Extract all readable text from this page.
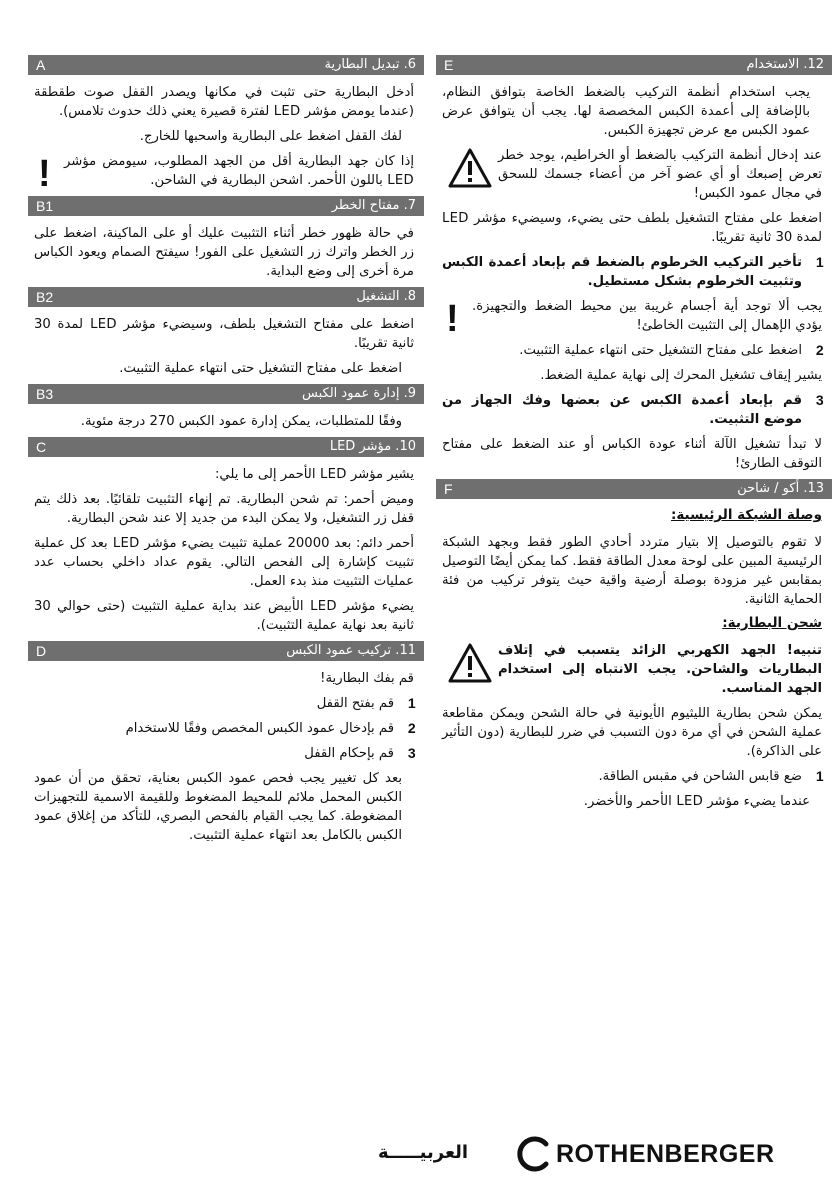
6. تبديل البطارية
A
أدخل البطارية حتى تثبت في مكانها ويصدر القفل صوت طقطقة (عندما يومض مؤشر LED لفترة قصيرة يعني ذلك حدوث تلامس).
لفك القفل اضغط على البطارية واسحبها للخارج.
! إذا كان جهد البطارية أقل من الجهد المطلوب، سيومض مؤشر LED باللون الأحمر. اشحن البطارية في الشاحن.
7. مفتاح الخطر
B1
في حالة ظهور خطر أثناء التثبيت عليك أو على الماكينة، اضغط على زر الخطر واترك زر التشغيل على الفور! سيفتح الصمام ويعود الكباس مرة أخرى إلى وضع البداية.
8. التشغيل
B2
اضغط على مفتاح التشغيل بلطف، وسيضيء مؤشر LED لمدة 30 ثانية تقريبًا.
اضغط على مفتاح التشغيل حتى انتهاء عملية التثبيت.
9. إدارة عمود الكبس
B3
وفقًا للمتطلبات، يمكن إدارة عمود الكبس 270 درجة مئوية.
10. مؤشر LED
C
يشير مؤشر LED الأحمر إلى ما يلي:
وميض أحمر: تم شحن البطارية. تم إنهاء التثبيت تلقائيًا. بعد ذلك يتم قفل زر التشغيل، ولا يمكن البدء من جديد إلا عند شحن البطارية.
أحمر دائم: بعد 20000 عملية تثبيت يضيء مؤشر LED بعد كل عملية تثبيت كإشارة إلى الفحص التالي. يقوم عداد داخلي بحساب عدد عمليات التثبيت منذ بدء العمل.
يضيء مؤشر LED الأبيض عند بداية عملية التثبيت (حتى حوالي 30 ثانية بعد نهاية عملية التثبيت).
11. تركيب عمود الكبس
D
قم بفك البطارية!
1
قم بفتح القفل
2
قم بإدخال عمود الكبس المخصص وفقًا للاستخدام
3
قم بإحكام القفل
بعد كل تغيير يجب فحص عمود الكبس بعناية، تحقق من أن عمود الكبس المحمل ملائم للمحيط المضغوط وللقيمة الاسمية للتجهيزات المضغوطة. كما يجب القيام بالفحص البصري، للتأكد من إغلاق عمود الكبس بالكامل بعد انتهاء عملية التثبيت.
12. الاستخدام
E
يجب استخدام أنظمة التركيب بالضغط الخاصة بتوافق النظام، بالإضافة إلى أعمدة الكبس المخصصة لها. يجب أن يتوافق عرض عمود الكبس مع عرض تجهيزة الكبس.
عند إدخال أنظمة التركيب بالضغط أو الخراطيم، يوجد خطر تعرض إصبعك أو أي عضو آخر من أعضاء جسمك للسحق في مجال عمود الكبس!
اضغط على مفتاح التشغيل بلطف حتى يضيء، وسيضيء مؤشر LED لمدة 30 ثانية تقريبًا.
1
تأخير التركيب الخرطوم بالضغط قم بإبعاد أعمدة الكبس وتثبيت الخرطوم بشكل مستطيل.
! يجب ألا توجد أية أجسام غريبة بين محيط الضغط والتجهيزة. يؤدي الإهمال إلى التثبيت الخاطئ!
2
اضغط على مفتاح التشغيل حتى انتهاء عملية التثبيت.
يشير إيقاف تشغيل المحرك إلى نهاية عملية الضغط.
3
قم بإبعاد أعمدة الكبس عن بعضها وفك الجهاز من موضع التثبيت.
لا تبدأ تشغيل الآلة أثناء عودة الكباس أو عند الضغط على مفتاح التوقف الطارئ!
13. أكو / شاحن
F
وصلة الشبكة الرئيسية:
لا تقوم بالتوصيل إلا بتيار متردد أحادي الطور فقط وبجهد الشبكة الرئيسية المبين على لوحة معدل الطاقة فقط. كما يمكن أيضًا التوصيل بمقابس غير مزودة بوصلة أرضية واقية حيث يتوفر تركيب من فئة الحماية الثانية.
شحن البطارية:
تنبيه! الجهد الكهربي الزائد يتسبب في إتلاف البطاريات والشاحن. يجب الانتباه إلى استخدام الجهد المناسب.
يمكن شحن بطارية الليثيوم الأيونية في حالة الشحن ويمكن مقاطعة عملية الشحن في أي مرة دون التسبب في ضرر للبطارية (دون التأثير على الذاكرة).
1
ضع قابس الشاحن في مقبس الطاقة.
عندما يضيء مؤشر LED الأحمر والأخضر.
العربيـــــة	ROTHENBERGER
